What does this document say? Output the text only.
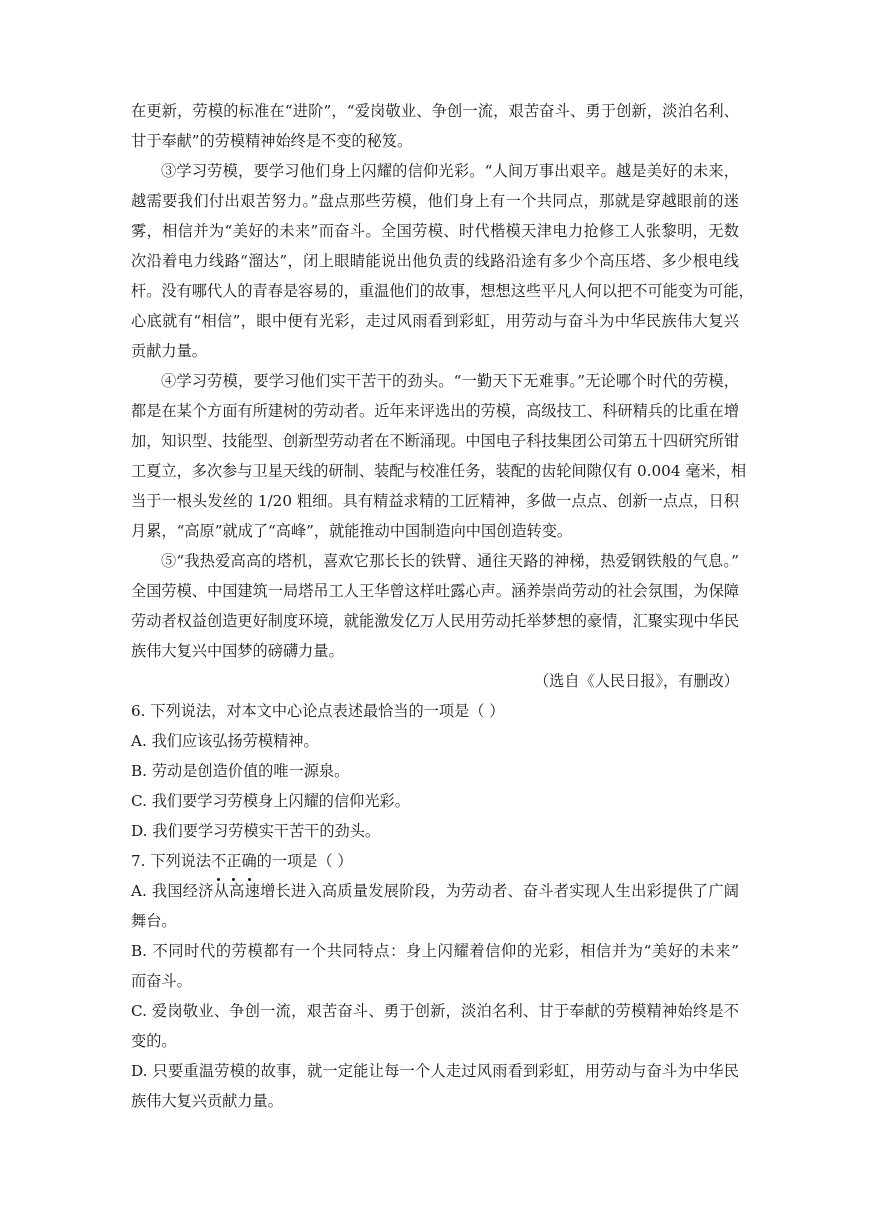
在更新，劳模的标准在“进阶”，“爱岗敬业、争创一流，艰苦奋斗、勇于创新，淡泊名利、
甘于奉献”的劳模精神始终是不变的秘笈。
③学习劳模，要学习他们身上闪耀的信仰光彩。“人间万事出艰辛。越是美好的未来，
越需要我们付出艰苦努力。”盘点那些劳模，他们身上有一个共同点，那就是穿越眼前的迷
雾，相信并为“美好的未来”而奋斗。全国劳模、时代楷模天津电力抢修工人张黎明，无数
次沿着电力线路“溜达”，闭上眼睛能说出他负责的线路沿途有多少个高压塔、多少根电线
杆。没有哪代人的青春是容易的，重温他们的故事，想想这些平凡人何以把不可能变为可能，
心底就有“相信”，眼中便有光彩，走过风雨看到彩虹，用劳动与奋斗为中华民族伟大复兴
贡献力量。
④学习劳模，要学习他们实干苦干的劲头。“一勤天下无难事。”无论哪个时代的劳模，
都是在某个方面有所建树的劳动者。近年来评选出的劳模，高级技工、科研精兵的比重在增
加，知识型、技能型、创新型劳动者在不断涌现。中国电子科技集团公司第五十四研究所钳
工夏立，多次参与卫星天线的研制、装配与校准任务，装配的齿轮间隙仅有 0.004 毫米，相
当于一根头发丝的 1/20 粗细。具有精益求精的工匠精神，多做一点点、创新一点点，日积
月累，“高原”就成了“高峰”，就能推动中国制造向中国创造转变。
⑤“我热爱高高的塔机，喜欢它那长长的铁臂、通往天路的神梯，热爱钢铁般的气息。”
全国劳模、中国建筑一局塔吊工人王华曾这样吐露心声。涵养崇尚劳动的社会氛围，为保障
劳动者权益创造更好制度环境，就能激发亿万人民用劳动托举梦想的豪情，汇聚实现中华民
族伟大复兴中国梦的磅礴力量。
（选自《人民日报》，有删改）
6. 下列说法，对本文中心论点表述最恰当的一项是（ ）
A. 我们应该弘扬劳模精神。
B. 劳动是创造价值的唯一源泉。
C. 我们要学习劳模身上闪耀的信仰光彩。
D. 我们要学习劳模实干苦干的劲头。
7. 下列说法不正确的一项是（ ）
A. 我国经济从高速增长进入高质量发展阶段，为劳动者、奋斗者实现人生出彩提供了广阔
舞台。
B. 不同时代的劳模都有一个共同特点：身上闪耀着信仰的光彩，相信并为“美好的未来”
而奋斗。
C. 爱岗敬业、争创一流，艰苦奋斗、勇于创新，淡泊名利、甘于奉献的劳模精神始终是不
变的。
D. 只要重温劳模的故事，就一定能让每一个人走过风雨看到彩虹，用劳动与奋斗为中华民
族伟大复兴贡献力量。
